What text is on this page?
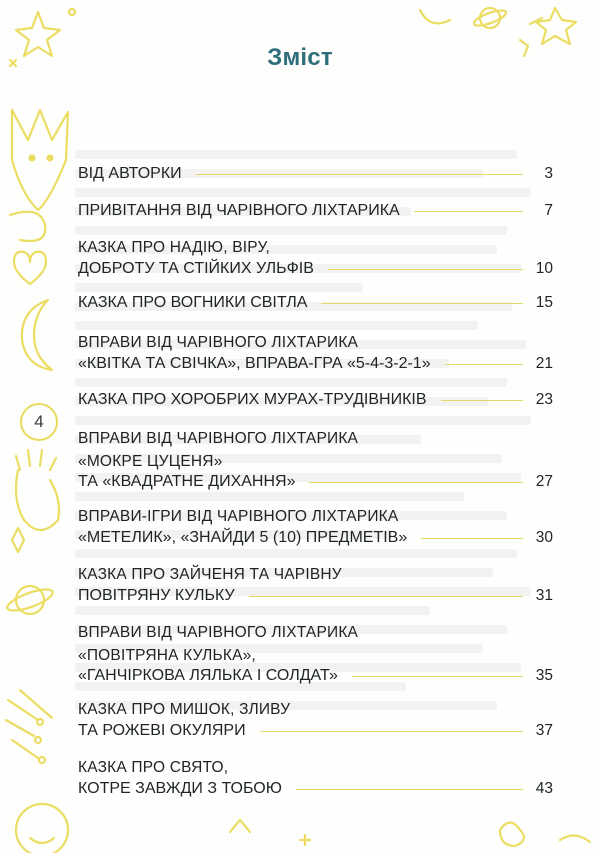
Зміст
4
ВІД АВТОРКИ	3
ПРИВІТАННЯ ВІД ЧАРІВНОГО ЛІХТАРИКА	7
КАЗКА ПРО НАДІЮ, ВІРУ,
ДОБРОТУ ТА СТІЙКИХ УЛЬФІВ	10
КАЗКА ПРО ВОГНИКИ СВІТЛА	15
ВПРАВИ ВІД ЧАРІВНОГО ЛІХТАРИКА
«КВІТКА ТА СВІЧКА», ВПРАВА-ГРА «5-4-3-2-1»	21
КАЗКА ПРО ХОРОБРИХ МУРАХ-ТРУДІВНИКІВ	23
ВПРАВИ ВІД ЧАРІВНОГО ЛІХТАРИКА
«МОКРЕ ЦУЦЕНЯ»
ТА «КВАДРАТНЕ ДИХАННЯ»	27
ВПРАВИ-ІГРИ ВІД ЧАРІВНОГО ЛІХТАРИКА
«МЕТЕЛИК», «ЗНАЙДИ 5 (10) ПРЕДМЕТІВ»	30
КАЗКА ПРО ЗАЙЧЕНЯ ТА ЧАРІВНУ
ПОВІТРЯНУ КУЛЬКУ	31
ВПРАВИ ВІД ЧАРІВНОГО ЛІХТАРИКА
«ПОВІТРЯНА КУЛЬКА»,
«ГАНЧІРКОВА ЛЯЛЬКА І СОЛДАТ»	35
КАЗКА ПРО МИШОК, ЗЛИВУ
ТА РОЖЕВІ ОКУЛЯРИ	37
КАЗКА ПРО СВЯТО,
КОТРЕ ЗАВЖДИ З ТОБОЮ	43
